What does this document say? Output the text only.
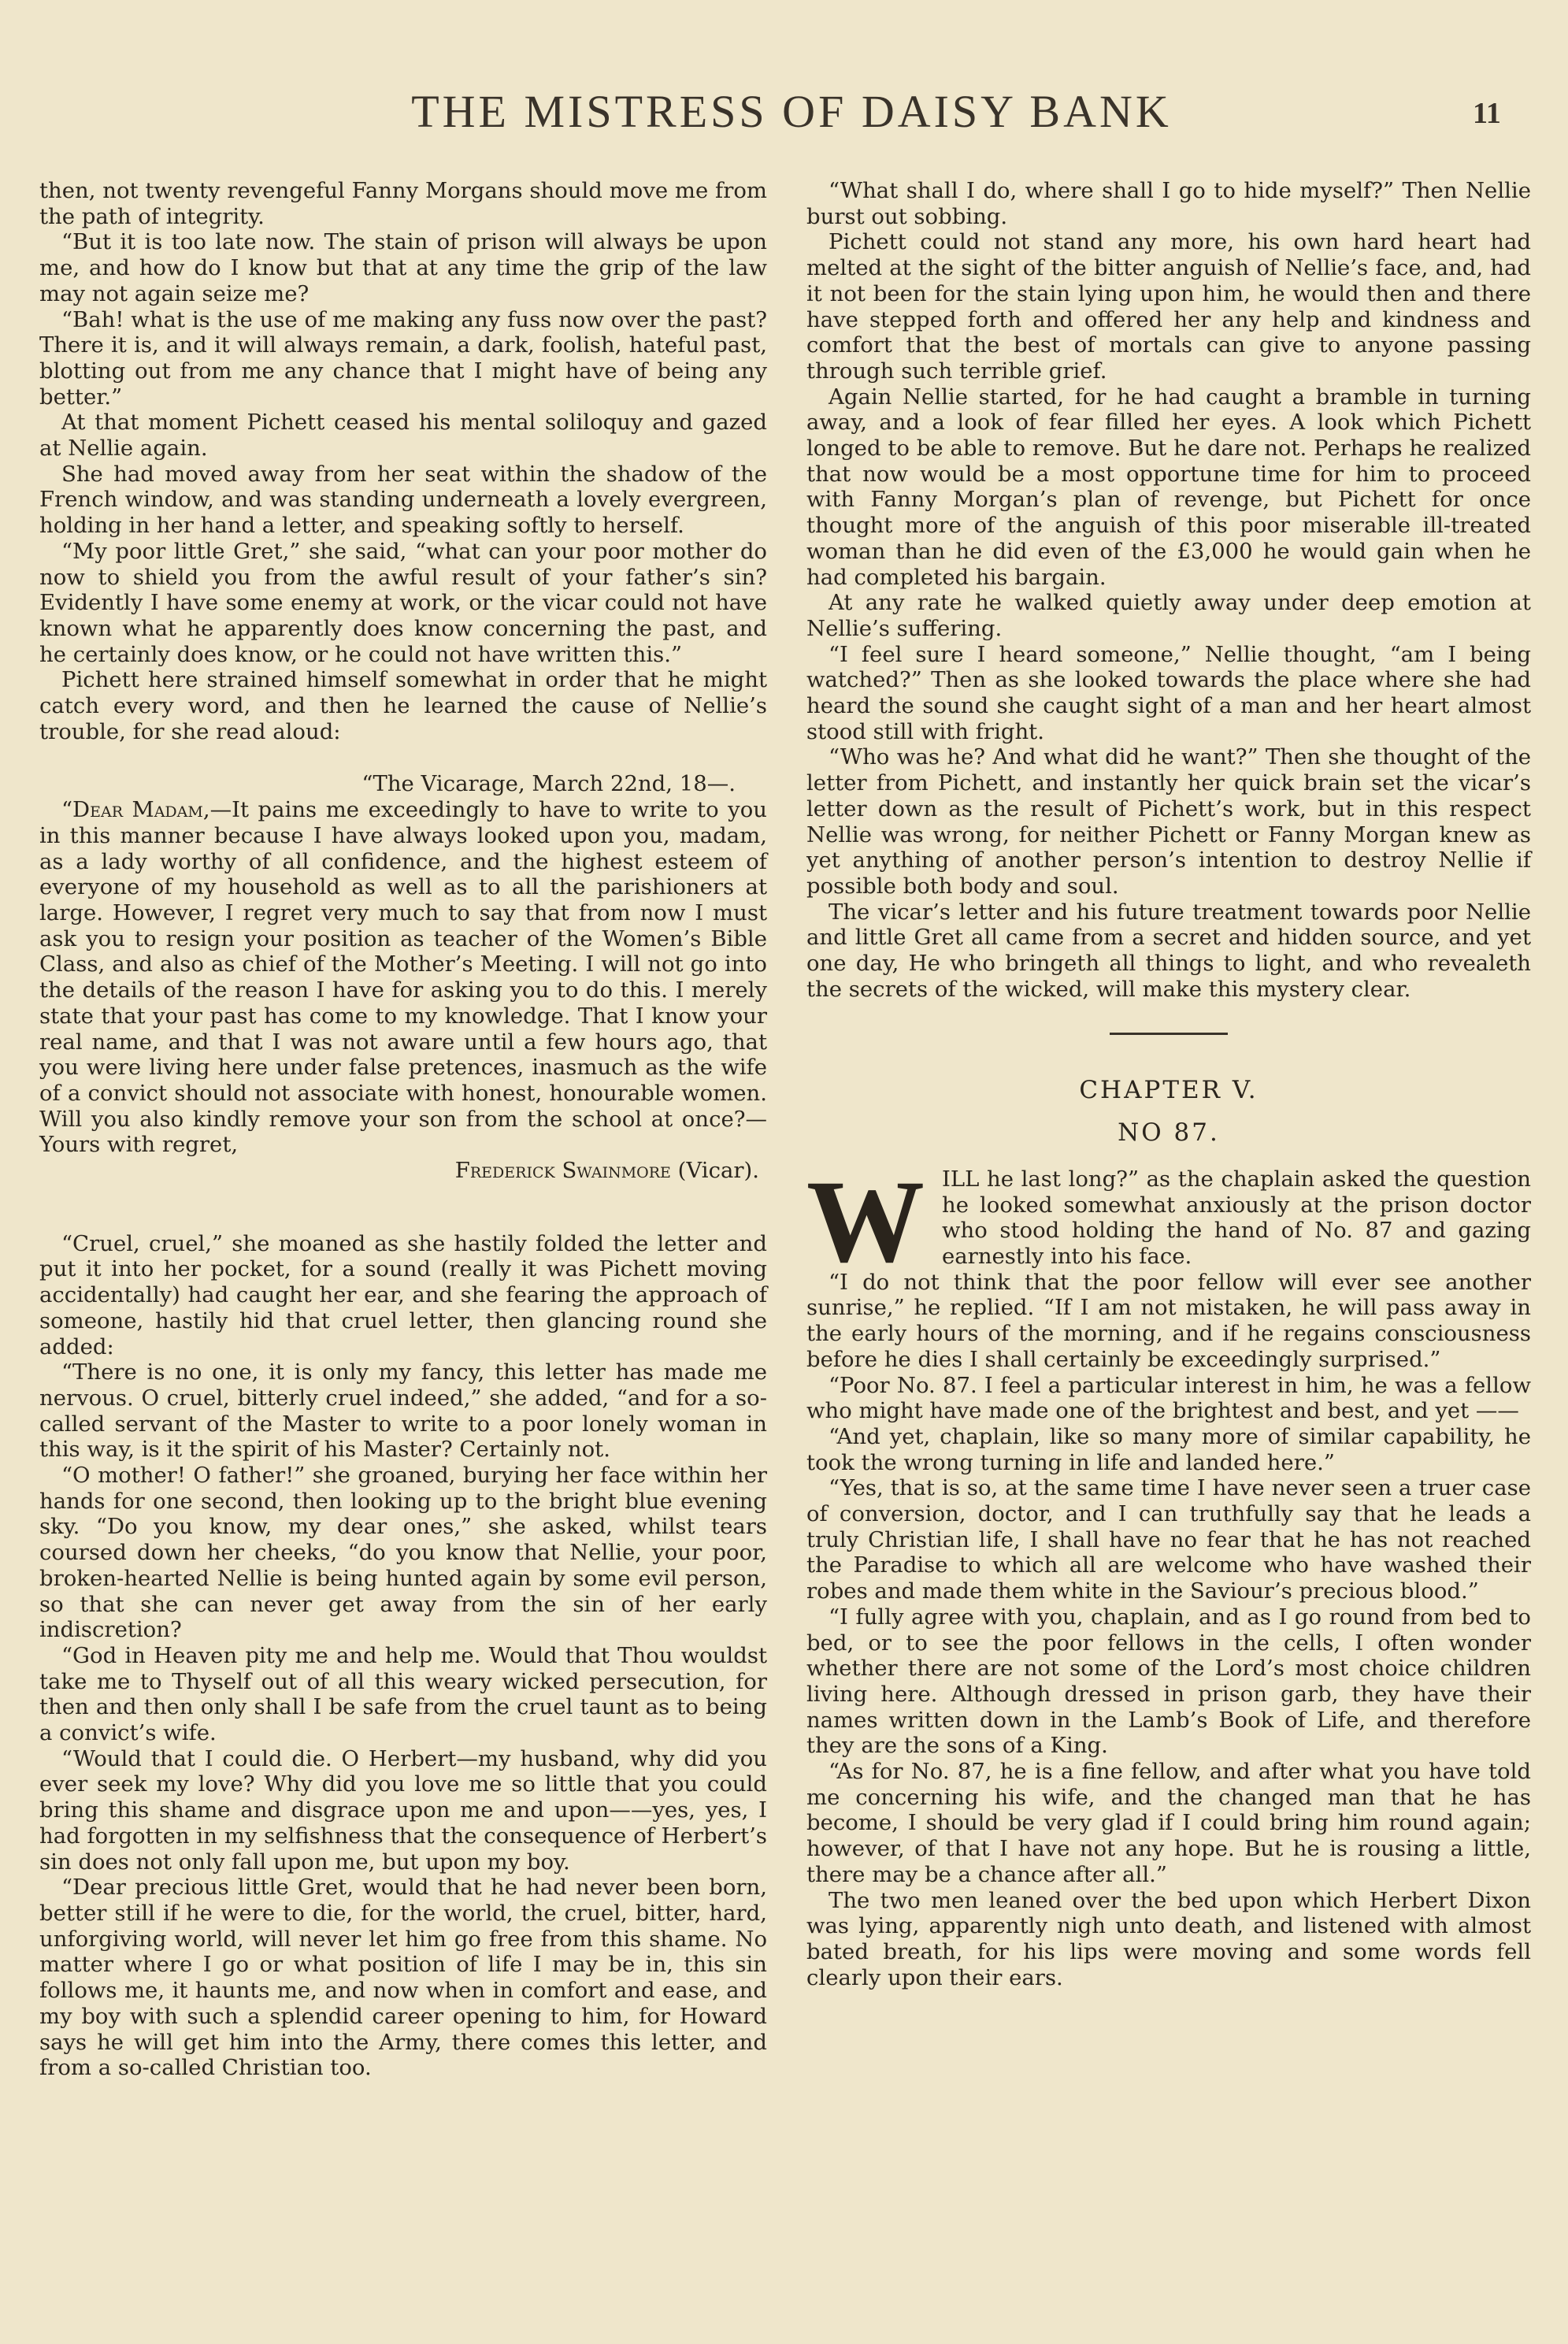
THE MISTRESS OF DAISY BANK	11

then, not twenty revengeful Fanny Morgans should move me from the path of integrity.

“But it is too late now. The stain of prison will always be upon me, and how do I know but that at any time the grip of the law may not again seize me?

“Bah! what is the use of me making any fuss now over the past? There it is, and it will always remain, a dark, foolish, hateful past, blotting out from me any chance that I might have of being any better.”

At that moment Pichett ceased his mental soliloquy and gazed at Nellie again.

She had moved away from her seat within the shadow of the French window, and was standing underneath a lovely evergreen, holding in her hand a letter, and speaking softly to herself.

“My poor little Gret,” she said, “what can your poor mother do now to shield you from the awful result of your father’s sin? Evidently I have some enemy at work, or the vicar could not have known what he apparently does know concerning the past, and he certainly does know, or he could not have written this.”

Pichett here strained himself somewhat in order that he might catch every word, and then he learned the cause of Nellie’s trouble, for she read aloud:

“The Vicarage, March 22nd, 18—.

“Dear Madam,—It pains me exceedingly to have to write to you in this manner because I have always looked upon you, madam, as a lady worthy of all confidence, and the highest esteem of everyone of my household as well as to all the parishioners at large. However, I regret very much to say that from now I must ask you to resign your position as teacher of the Women’s Bible Class, and also as chief of the Mother’s Meeting. I will not go into the details of the reason I have for asking you to do this. I merely state that your past has come to my knowledge. That I know your real name, and that I was not aware until a few hours ago, that you were living here under false pretences, inasmuch as the wife of a convict should not associate with honest, honourable women. Will you also kindly remove your son from the school at once?—Yours with regret,

Frederick Swainmore (Vicar).

“Cruel, cruel,” she moaned as she hastily folded the letter and put it into her pocket, for a sound (really it was Pichett moving accidentally) had caught her ear, and she fearing the approach of someone, hastily hid that cruel letter, then glancing round she added:

“There is no one, it is only my fancy, this letter has made me nervous. O cruel, bitterly cruel indeed,” she added, “and for a so-called servant of the Master to write to a poor lonely woman in this way, is it the spirit of his Master? Certainly not.

“O mother! O father!” she groaned, burying her face within her hands for one second, then looking up to the bright blue evening sky. “Do you know, my dear ones,” she asked, whilst tears coursed down her cheeks, “do you know that Nellie, your poor, broken-hearted Nellie is being hunted again by some evil person, so that she can never get away from the sin of her early indiscretion?

“God in Heaven pity me and help me. Would that Thou wouldst take me to Thyself out of all this weary wicked persecution, for then and then only shall I be safe from the cruel taunt as to being a convict’s wife.

“Would that I could die. O Herbert—my husband, why did you ever seek my love? Why did you love me so little that you could bring this shame and disgrace upon me and upon——yes, yes, I had forgotten in my selfishness that the consequence of Herbert’s sin does not only fall upon me, but upon my boy.

“Dear precious little Gret, would that he had never been born, better still if he were to die, for the world, the cruel, bitter, hard, unforgiving world, will never let him go free from this shame. No matter where I go or what position of life I may be in, this sin follows me, it haunts me, and now when in comfort and ease, and my boy with such a splendid career opening to him, for Howard says he will get him into the Army, there comes this letter, and from a so-called Christian too.

“What shall I do, where shall I go to hide myself?” Then Nellie burst out sobbing.

Pichett could not stand any more, his own hard heart had melted at the sight of the bitter anguish of Nellie’s face, and, had it not been for the stain lying upon him, he would then and there have stepped forth and offered her any help and kindness and comfort that the best of mortals can give to anyone passing through such terrible grief.

Again Nellie started, for he had caught a bramble in turning away, and a look of fear filled her eyes. A look which Pichett longed to be able to remove. But he dare not. Perhaps he realized that now would be a most opportune time for him to proceed with Fanny Morgan’s plan of revenge, but Pichett for once thought more of the anguish of this poor miserable ill-treated woman than he did even of the £3,000 he would gain when he had completed his bargain.

At any rate he walked quietly away under deep emotion at Nellie’s suffering.

“I feel sure I heard someone,” Nellie thought, “am I being watched?” Then as she looked towards the place where she had heard the sound she caught sight of a man and her heart almost stood still with fright.

“Who was he? And what did he want?” Then she thought of the letter from Pichett, and instantly her quick brain set the vicar’s letter down as the result of Pichett’s work, but in this respect Nellie was wrong, for neither Pichett or Fanny Morgan knew as yet anything of another person’s intention to destroy Nellie if possible both body and soul.

The vicar’s letter and his future treatment towards poor Nellie and little Gret all came from a secret and hidden source, and yet one day, He who bringeth all things to light, and who revealeth the secrets of the wicked, will make this mystery clear.

CHAPTER V.

NO 87.

WILL he last long?” as the chaplain asked the question he looked somewhat anxiously at the prison doctor who stood holding the hand of No. 87 and gazing earnestly into his face.

“I do not think that the poor fellow will ever see another sunrise,” he replied. “If I am not mistaken, he will pass away in the early hours of the morning, and if he regains consciousness before he dies I shall certainly be exceedingly surprised.”

“Poor No. 87. I feel a particular interest in him, he was a fellow who might have made one of the brightest and best, and yet ——

“And yet, chaplain, like so many more of similar capability, he took the wrong turning in life and landed here.”

“Yes, that is so, at the same time I have never seen a truer case of conversion, doctor, and I can truthfully say that he leads a truly Christian life, I shall have no fear that he has not reached the Paradise to which all are welcome who have washed their robes and made them white in the Saviour’s precious blood.”

“I fully agree with you, chaplain, and as I go round from bed to bed, or to see the poor fellows in the cells, I often wonder whether there are not some of the Lord’s most choice children living here. Although dressed in prison garb, they have their names written down in the Lamb’s Book of Life, and therefore they are the sons of a King.

“As for No. 87, he is a fine fellow, and after what you have told me concerning his wife, and the changed man that he has become, I should be very glad if I could bring him round again; however, of that I have not any hope. But he is rousing a little, there may be a chance after all.”

The two men leaned over the bed upon which Herbert Dixon was lying, apparently nigh unto death, and listened with almost bated breath, for his lips were moving and some words fell clearly upon their ears.
